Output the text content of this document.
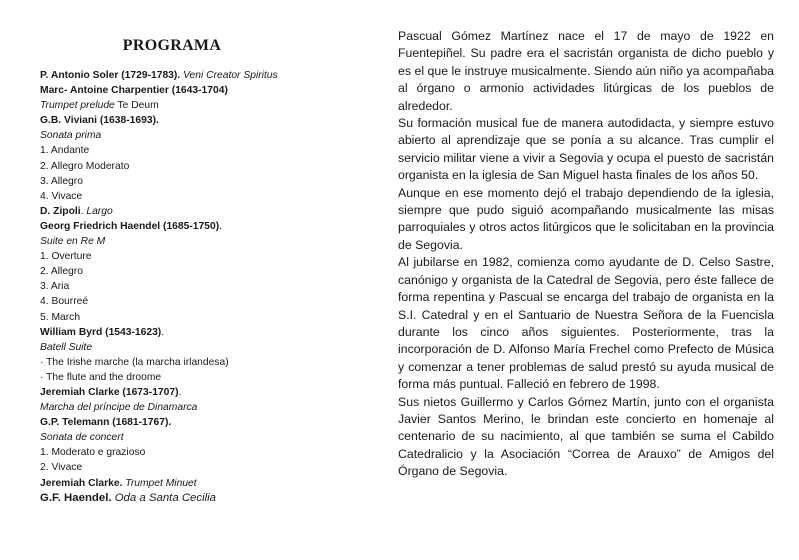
PROGRAMA
P. Antonio Soler (1729-1783). Veni Creator Spiritus
Marc- Antoine Charpentier (1643-1704)
Trumpet prelude Te Deum
G.B. Viviani (1638-1693).
Sonata prima
1. Andante
2. Allegro Moderato
3. Allegro
4. Vivace
D. Zipoli. Largo
Georg Friedrich Haendel (1685-1750).
Suite en Re M
1. Overture
2. Allegro
3. Aria
4. Bourreé
5. March
William Byrd (1543-1623).
Batell Suite
· The Irishe marche (la marcha irlandesa)
· The flute and the droome
Jeremiah Clarke (1673-1707).
Marcha del príncipe de Dinamarca
G.P. Telemann (1681-1767).
Sonata de concert
1. Moderato e grazioso
2. Vivace
Jeremiah Clarke. Trumpet Minuet
G.F. Haendel. Oda a Santa Cecilia

Pascual Gómez Martínez nace el 17 de mayo de 1922 en Fuentepiñel. Su padre era el sacristán organista de dicho pueblo y es el que le instruye musicalmente. Siendo aún niño ya acompañaba al órgano o armonio actividades litúrgicas de los pueblos de alrededor.

Su formación musical fue de manera autodidacta, y siempre estuvo abierto al aprendizaje que se ponía a su alcance. Tras cumplir el servicio militar viene a vivir a Segovia y ocupa el puesto de sacristán organista en la iglesia de San Miguel hasta finales de los años 50.

Aunque en ese momento dejó el trabajo dependiendo de la iglesia, siempre que pudo siguió acompañando musicalmente las misas parroquiales y otros actos litúrgicos que le solicitaban en la provincia de Segovia.

Al jubilarse en 1982, comienza como ayudante de D. Celso Sastre, canónigo y organista de la Catedral de Segovia, pero éste fallece de forma repentina y Pascual se encarga del trabajo de organista en la S.I. Catedral y en el Santuario de Nuestra Señora de la Fuencisla durante los cinco años siguientes. Posteriormente, tras la incorporación de D. Alfonso María Frechel como Prefecto de Música y comenzar a tener problemas de salud prestó su ayuda musical de forma más puntual. Falleció en febrero de 1998.

Sus nietos Guillermo y Carlos Gómez Martín, junto con el organista Javier Santos Merino, le brindan este concierto en homenaje al centenario de su nacimiento, al que también se suma el Cabildo Catedralicio y la Asociación “Correa de Arauxo” de Amigos del Órgano de Segovia.
